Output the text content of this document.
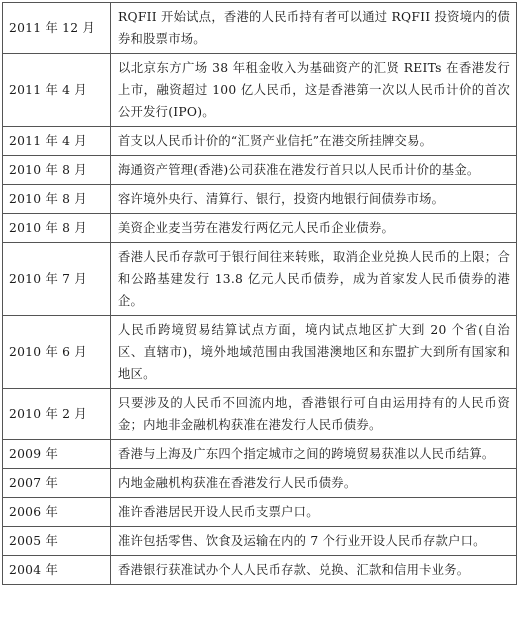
2011 年 12 月	RQFII 开始试点，香港的人民币持有者可以通过 RQFII 投资境内的债券和股票市场。
2011 年 4 月	以北京东方广场 38 年租金收入为基础资产的汇贤 REITs 在香港发行上市，融资超过 100 亿人民币，这是香港第一次以人民币计价的首次公开发行(IPO)。
2011 年 4 月	首支以人民币计价的“汇贤产业信托”在港交所挂牌交易。
2010 年 8 月	海通资产管理(香港)公司获准在港发行首只以人民币计价的基金。
2010 年 8 月	容许境外央行、清算行、银行，投资内地银行间债券市场。
2010 年 8 月	美资企业麦当劳在港发行两亿元人民币企业债券。
2010 年 7 月	香港人民币存款可于银行间往来转账，取消企业兑换人民币的上限；合和公路基建发行 13.8 亿元人民币债券，成为首家发人民币债券的港企。
2010 年 6 月	人民币跨境贸易结算试点方面，境内试点地区扩大到 20 个省(自治区、直辖市)，境外地域范围由我国港澳地区和东盟扩大到所有国家和地区。
2010 年 2 月	只要涉及的人民币不回流内地，香港银行可自由运用持有的人民币资金；内地非金融机构获准在港发行人民币债券。
2009 年	香港与上海及广东四个指定城市之间的跨境贸易获准以人民币结算。
2007 年	内地金融机构获准在香港发行人民币债券。
2006 年	准许香港居民开设人民币支票户口。
2005 年	准许包括零售、饮食及运输在内的 7 个行业开设人民币存款户口。
2004 年	香港银行获准试办个人人民币存款、兑换、汇款和信用卡业务。
